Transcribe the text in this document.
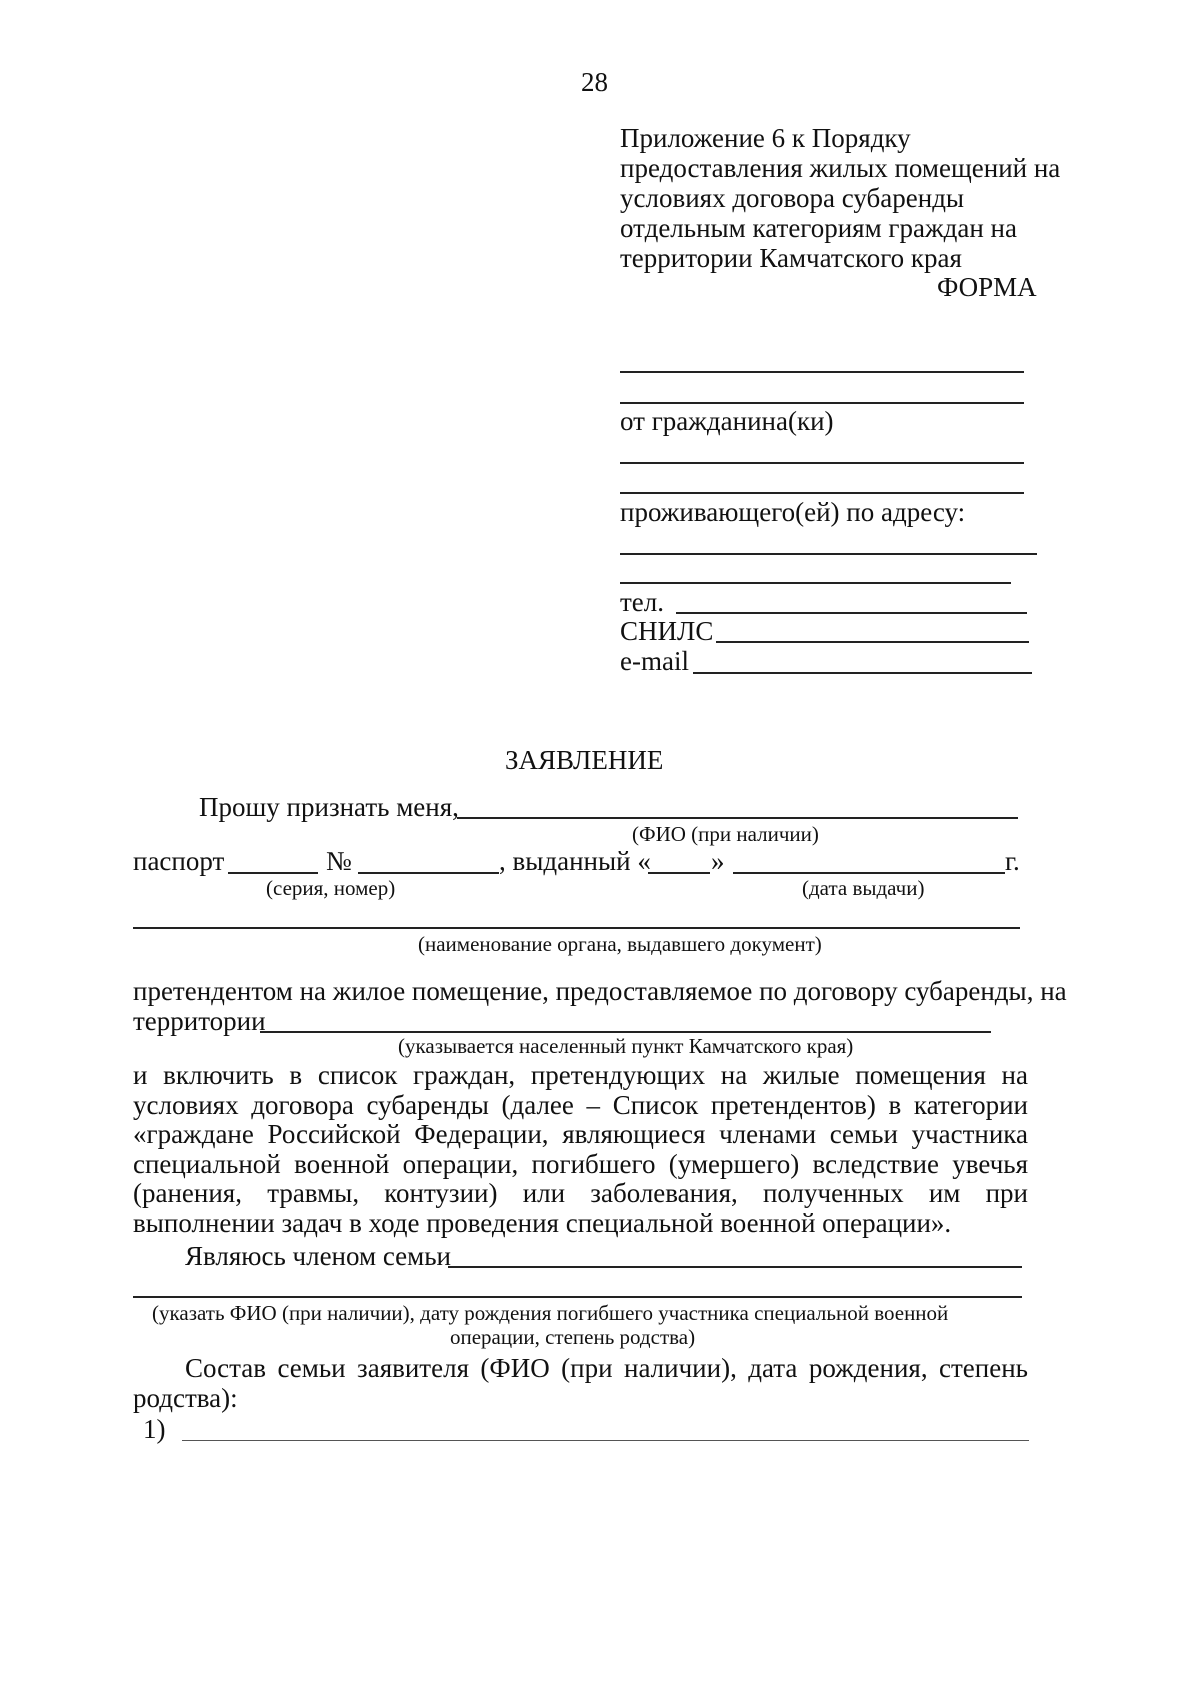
28
Приложение 6 к Порядку
предоставления жилых помещений на
условиях договора субаренды
отдельным категориям граждан на
территории Камчатского края
ФОРМА
от гражданина(ки)
проживающего(ей) по адресу:
тел.
СНИЛС
e-mail
ЗАЯВЛЕНИЕ
Прошу признать меня,
(ФИО (при наличии)
паспорт	№	, выданный « »	г.
(серия, номер)	(дата выдачи)
(наименование органа, выдавшего документ)
претендентом на жилое помещение, предоставляемое по договору субаренды, на
территории
(указывается населенный пункт Камчатского края)
и включить в список граждан, претендующих на жилые помещения на условиях договора субаренды (далее – Список претендентов) в категории «граждане Российской Федерации, являющиеся членами семьи участника специальной военной операции, погибшего (умершего) вследствие увечья (ранения, травмы, контузии) или заболевания, полученных им при выполнении задач в ходе проведения специальной военной операции».
Являюсь членом семьи
(указать ФИО (при наличии), дату рождения погибшего участника специальной военной
операции, степень родства)
Состав семьи заявителя (ФИО (при наличии), дата рождения, степень родства):
1)
